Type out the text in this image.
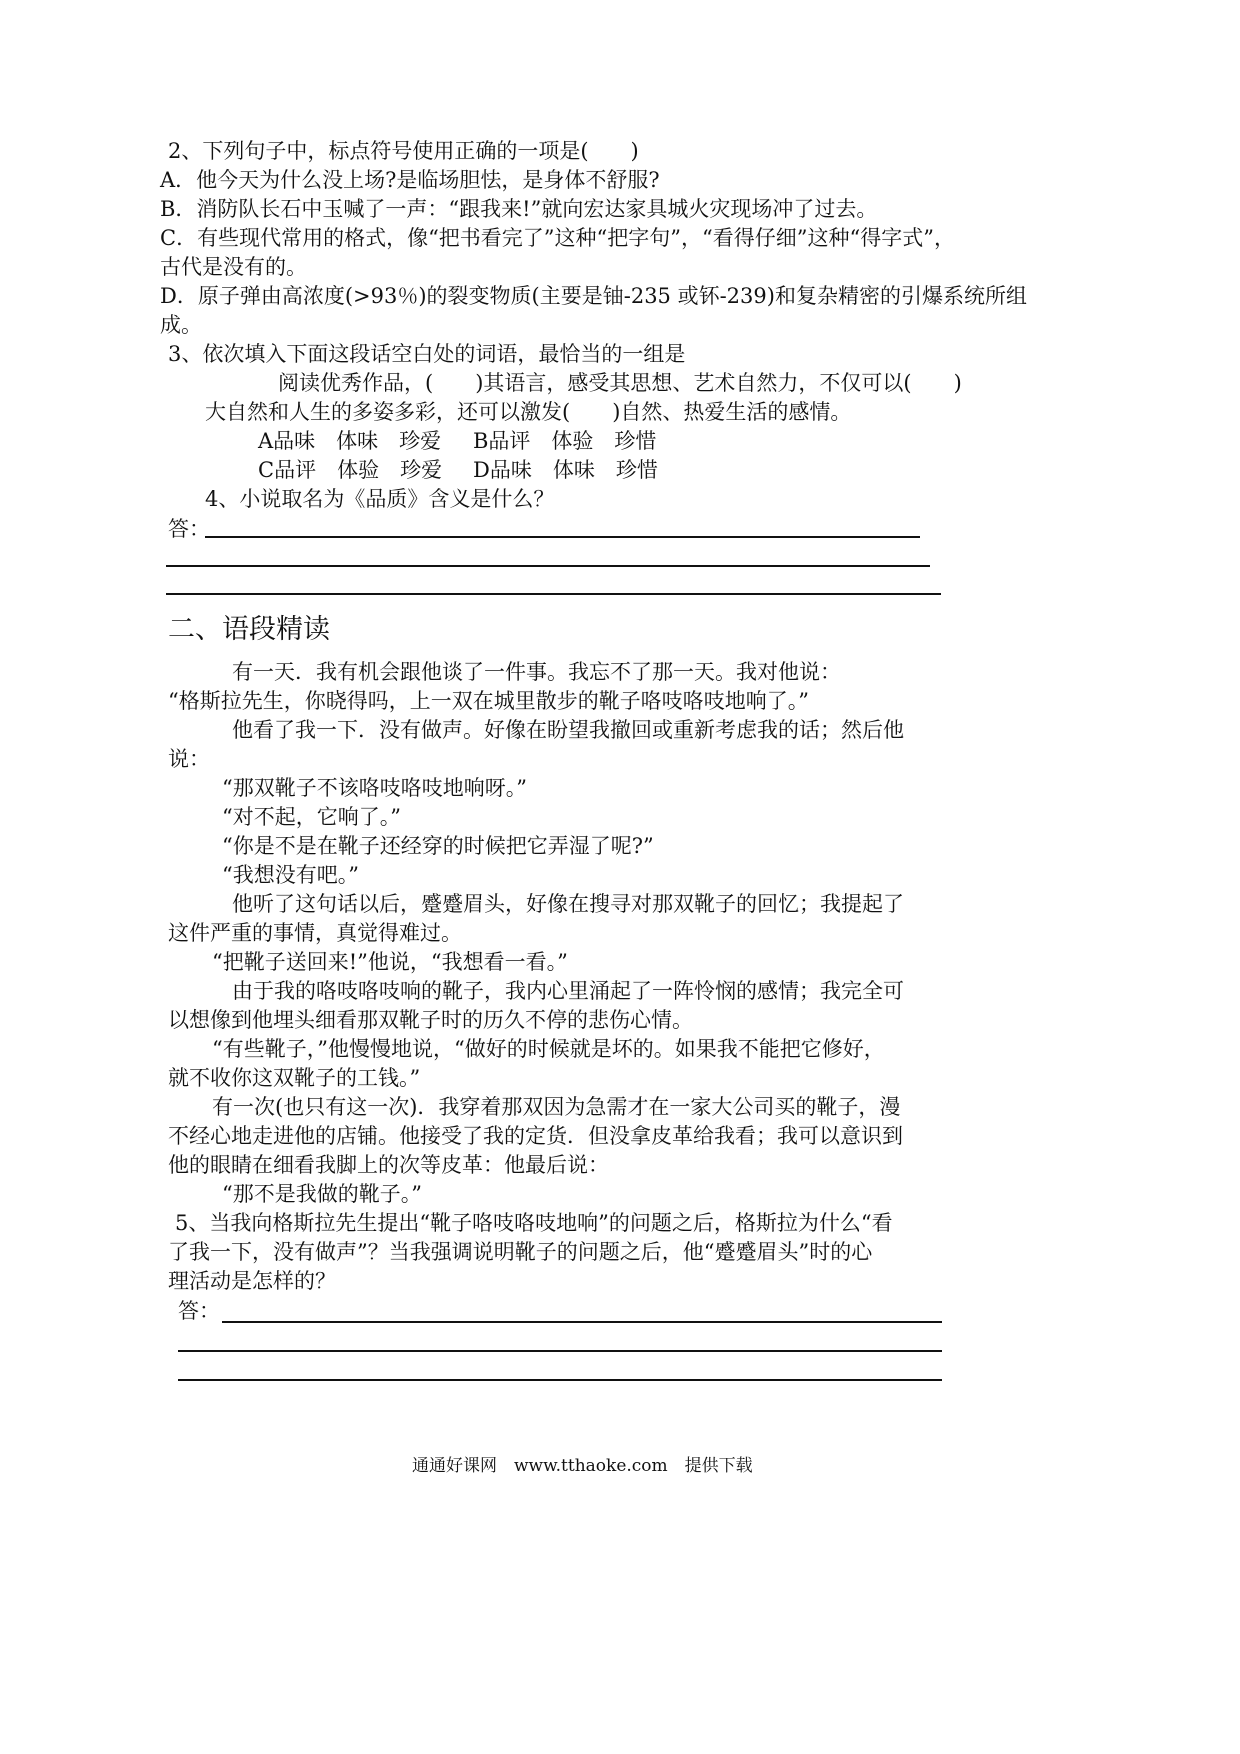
2、下列句子中，标点符号使用正确的一项是(　　)

A．他今天为什么没上场?是临场胆怯，是身体不舒服?

B．消防队长石中玉喊了一声：“跟我来!”就向宏达家具城火灾现场冲了过去。

C．有些现代常用的格式，像“把书看完了”这种“把字句”，“看得仔细”这种“得字式”，

古代是没有的。

D．原子弹由高浓度(>93％)的裂变物质(主要是铀-235 或钚-239)和复杂精密的引爆系统所组

成。

3、依次填入下面这段话空白处的词语，最恰当的一组是

阅读优秀作品，(　　)其语言，感受其思想、艺术自然力，不仅可以(　　)

大自然和人生的多姿多彩，还可以激发(　　)自然、热爱生活的感情。

A品味　体味　珍爱 B品评　体验　珍惜

C品评　体验　珍爱 D品味　体味　珍惜

4、小说取名为《品质》含义是什么？

答：

二、语段精读

有一天．我有机会跟他谈了一件事。我忘不了那一天。我对他说：

“格斯拉先生，你晓得吗，上一双在城里散步的靴子咯吱咯吱地响了。”

他看了我一下．没有做声。好像在盼望我撤回或重新考虑我的话；然后他

说：

“那双靴子不该咯吱咯吱地响呀。”

“对不起，它响了。”

“你是不是在靴子还经穿的时候把它弄湿了呢?”

“我想没有吧。”

他听了这句话以后，蹙蹙眉头，好像在搜寻对那双靴子的回忆；我提起了

这件严重的事情，真觉得难过。

“把靴子送回来!”他说，“我想看一看。”

由于我的咯吱咯吱响的靴子，我内心里涌起了一阵怜悯的感情；我完全可

以想像到他埋头细看那双靴子时的历久不停的悲伤心情。

“有些靴子，”他慢慢地说，“做好的时候就是坏的。如果我不能把它修好，

就不收你这双靴子的工钱。”

有一次(也只有这一次)．我穿着那双因为急需才在一家大公司买的靴子，漫

不经心地走进他的店铺。他接受了我的定货．但没拿皮革给我看；我可以意识到

他的眼睛在细看我脚上的次等皮革：他最后说：

“那不是我做的靴子。”

5、当我向格斯拉先生提出“靴子咯吱咯吱地响”的问题之后，格斯拉为什么“看

了我一下，没有做声”？当我强调说明靴子的问题之后，他“蹙蹙眉头”时的心

理活动是怎样的？

答：
通通好课网　www.tthaoke.com　提供下载
